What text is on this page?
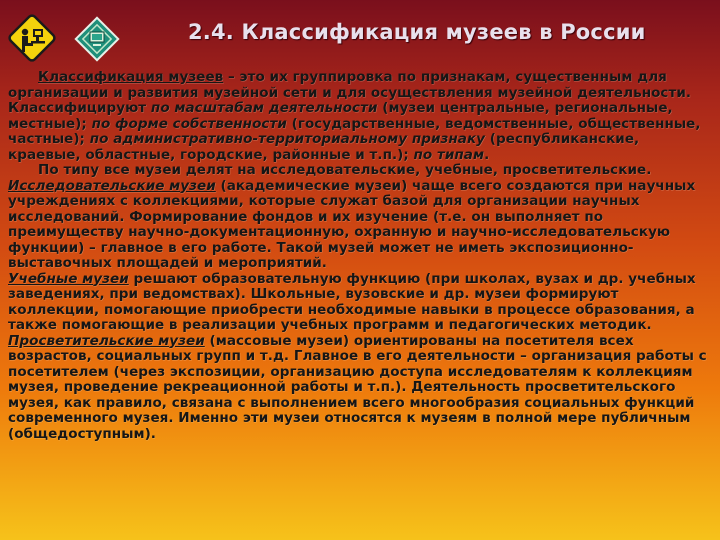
2.4. Классификация музеев в России

Классификация музеев – это их группировка по признакам, существенным для организации и развития музейной сети и для осуществления музейной деятельности. Классифицируют по масштабам деятельности (музеи центральные, региональные, местные); по форме собственности (государственные, ведомственные, общественные, частные); по административно-территориальному признаку (республиканские, краевые, областные, городские, районные и т.п.); по типам.

По типу все музеи делят на исследовательские, учебные, просветительские.

Исследовательские музеи (академические музеи) чаще всего создаются при научных учреждениях с коллекциями, которые служат базой для организации научных исследований. Формирование фондов и их изучение (т.е. он выполняет по преимуществу научно-документационную, охранную и научно-исследовательскую функции) – главное в его работе. Такой музей может не иметь экспозиционно-выставочных площадей и мероприятий.

Учебные музеи решают образовательную функцию (при школах, вузах и др. учебных заведениях, при ведомствах). Школьные, вузовские и др. музеи формируют коллекции, помогающие приобрести необходимые навыки в процессе образования, а также помогающие в реализации учебных программ и педагогических методик.

Просветительские музеи (массовые музеи) ориентированы на посетителя всех возрастов, социальных групп и т.д. Главное в его деятельности – организация работы с посетителем (через экспозиции, организацию доступа исследователям к коллекциям музея, проведение рекреационной работы и т.п.). Деятельность просветительского музея, как правило, связана с выполнением всего многообразия социальных функций современного музея. Именно эти музеи относятся к музеям в полной мере публичным (общедоступным).
